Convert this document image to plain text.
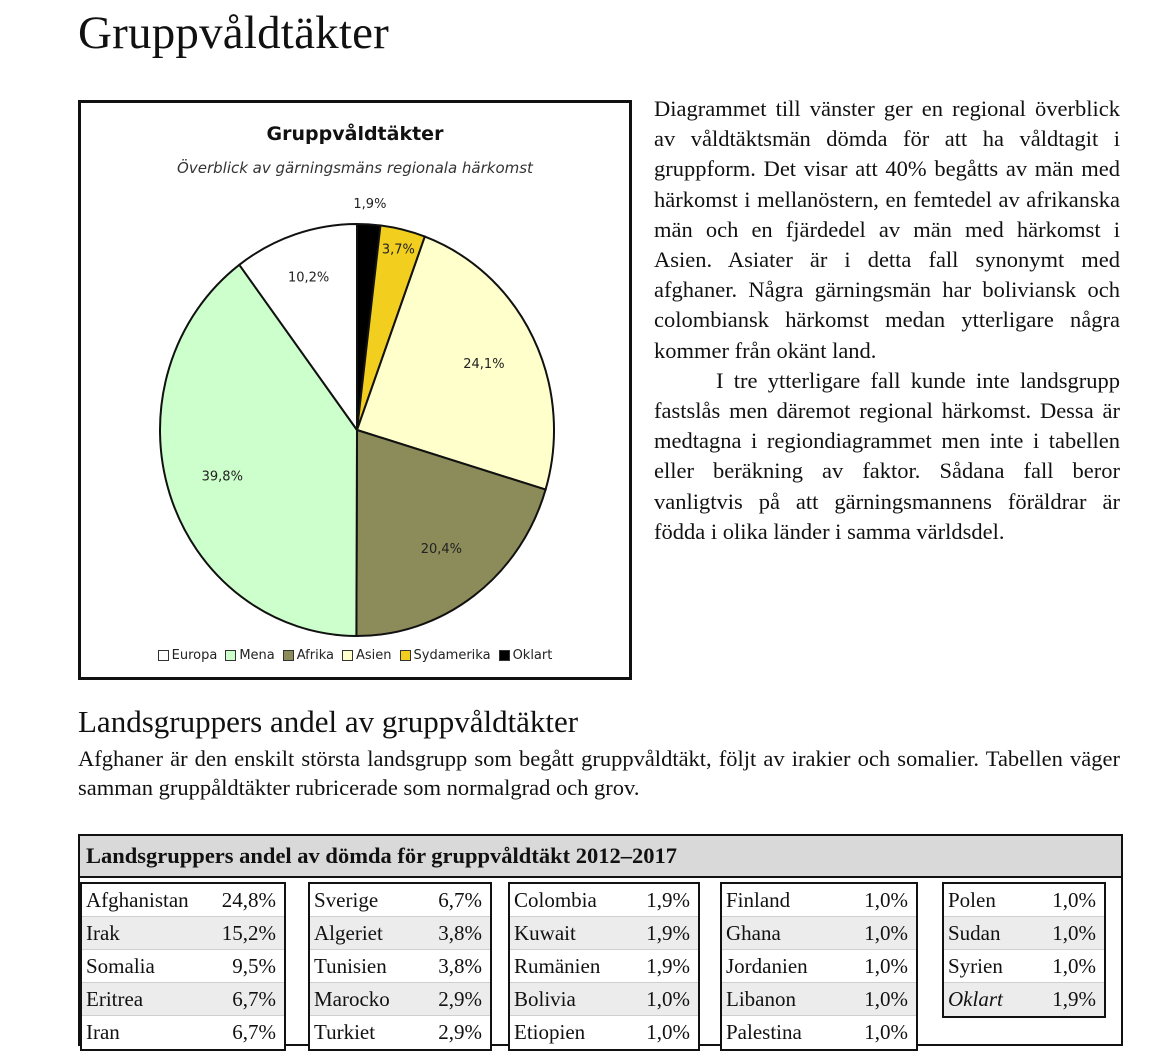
Gruppvåldtäkter
Gruppvåldtäkter
Överblick av gärningsmäns regionala härkomst
1,9%
3,7%
24,1%
20,4%
39,8%
10,2%
Europa Mena Afrika Asien Sydamerika Oklart

Diagrammet till vänster ger en regional överblick av våldtäktsmän dömda för att ha våldtagit i gruppform. Det visar att 40% begåtts av män med härkomst i mellanöstern, en femtedel av afrikanska män och en fjärdedel av män med härkomst i Asien. Asiater är i detta fall synonymt med afghaner. Några gärningsmän har boliviansk och colombiansk härkomst medan ytterligare några kommer från okänt land.

I tre ytterligare fall kunde inte landsgrupp fastslås men däremot regional härkomst. Dessa är medtagna i regiondiagrammet men inte i tabellen eller beräkning av faktor. Sådana fall beror vanligtvis på att gärningsmannens föräldrar är födda i olika länder i samma världsdel.

Landsgruppers andel av gruppvåldtäkter

Afghaner är den enskilt största landsgrupp som begått gruppvåldtäkt, följt av irakier och somalier. Tabellen väger samman gruppåldtäkter rubricerade som normalgrad och grov.

Landsgruppers andel av dömda för gruppvåldtäkt 2012–2017
Afghanistan 24,8%
Irak	15,2%
Somalia	9,5%
Eritrea	6,7%
Iran	6,7%
Sverige	6,7%
Algeriet	3,8%
Tunisien 3,8%
Marocko 2,9%
Turkiet	2,9%
Colombia 1,9%
Kuwait	1,9%
Rumänien 1,9%
Bolivia	1,0%
Etiopien	1,0%
Finland	1,0%
Ghana	1,0%
Jordanien	1,0%
Libanon	1,0%
Palestina	1,0%
Polen	1,0%
Sudan 1,0%
Syrien 1,0%
Oklart 1,9%
